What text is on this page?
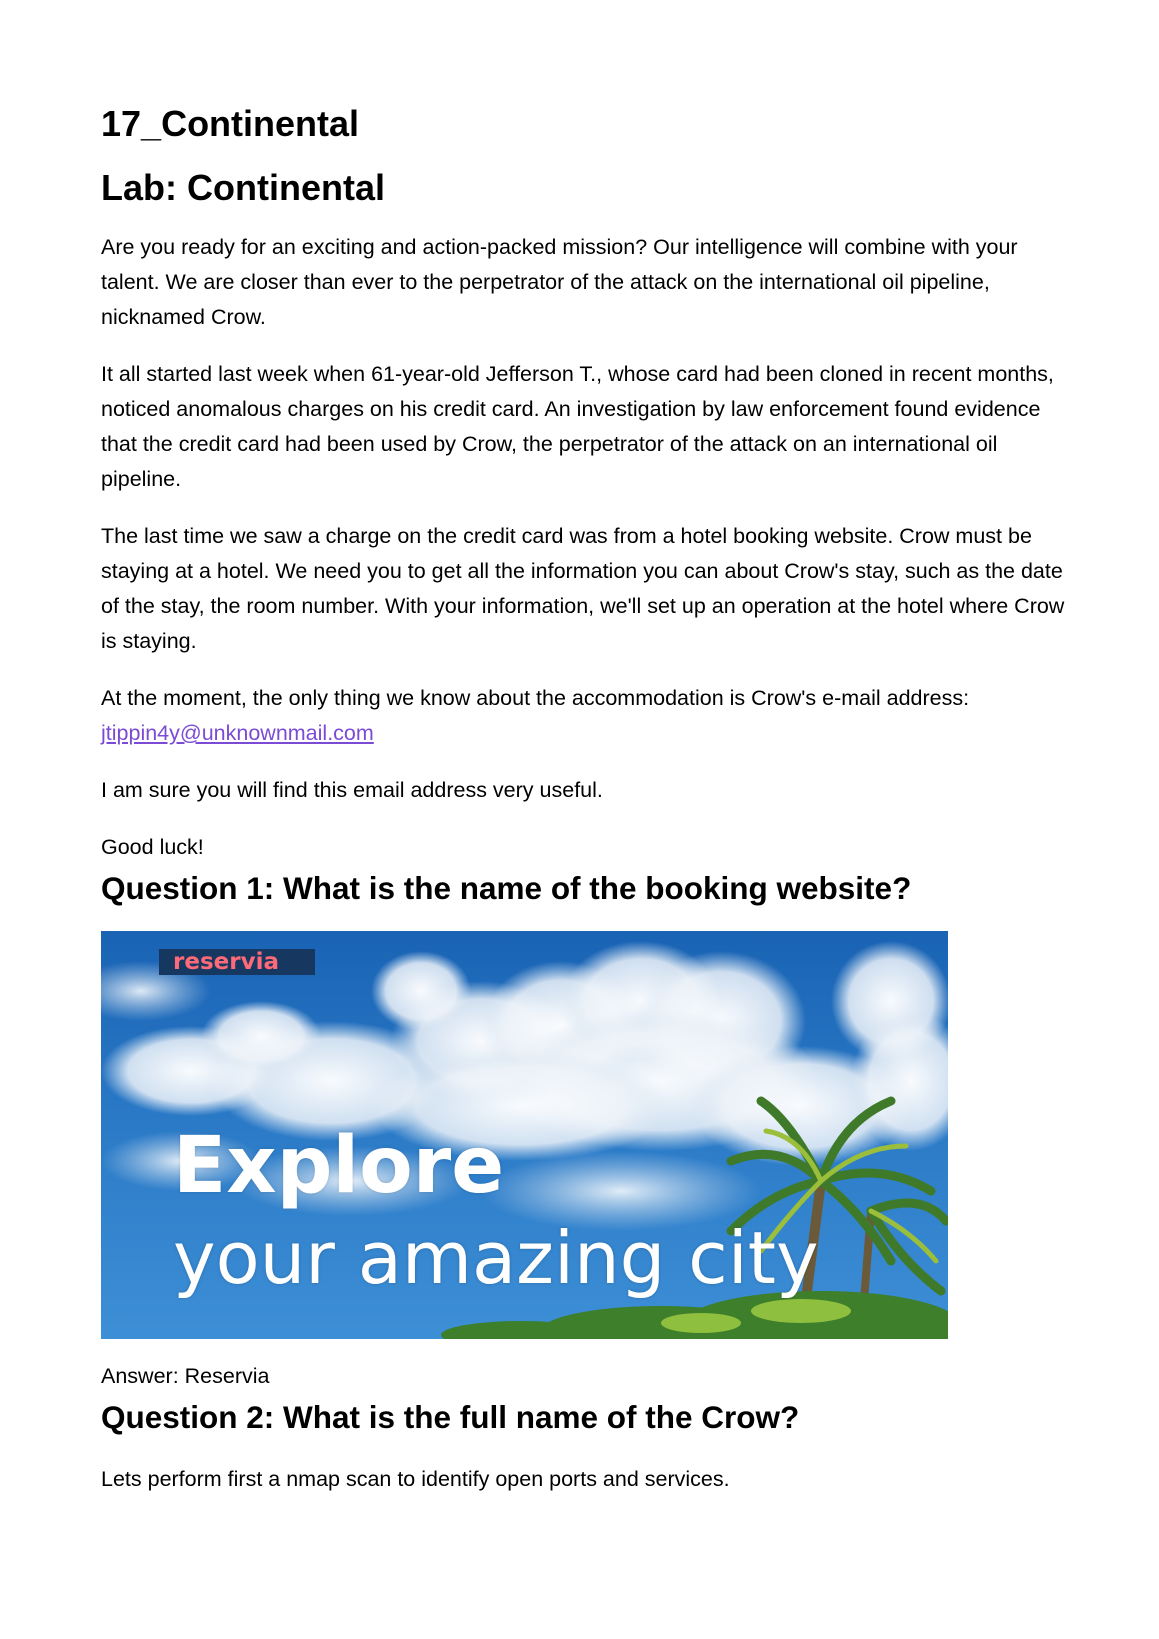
17_Continental
Lab: Continental

Are you ready for an exciting and action-packed mission? Our intelligence will combine with your talent. We are closer than ever to the perpetrator of the attack on the international oil pipeline, nicknamed Crow.

It all started last week when 61-year-old Jefferson T., whose card had been cloned in recent months, noticed anomalous charges on his credit card. An investigation by law enforcement found evidence that the credit card had been used by Crow, the perpetrator of the attack on an international oil pipeline.

The last time we saw a charge on the credit card was from a hotel booking website. Crow must be staying at a hotel. We need you to get all the information you can about Crow's stay, such as the date of the stay, the room number. With your information, we'll set up an operation at the hotel where Crow is staying.

At the moment, the only thing we know about the accommodation is Crow's e-mail address:
jtippin4y@unknownmail.com

I am sure you will find this email address very useful.

Good luck!

Question 1: What is the name of the booking website?
reservia
Explore
your amazing city

Answer: Reservia

Question 2: What is the full name of the Crow?

Lets perform first a nmap scan to identify open ports and services.
